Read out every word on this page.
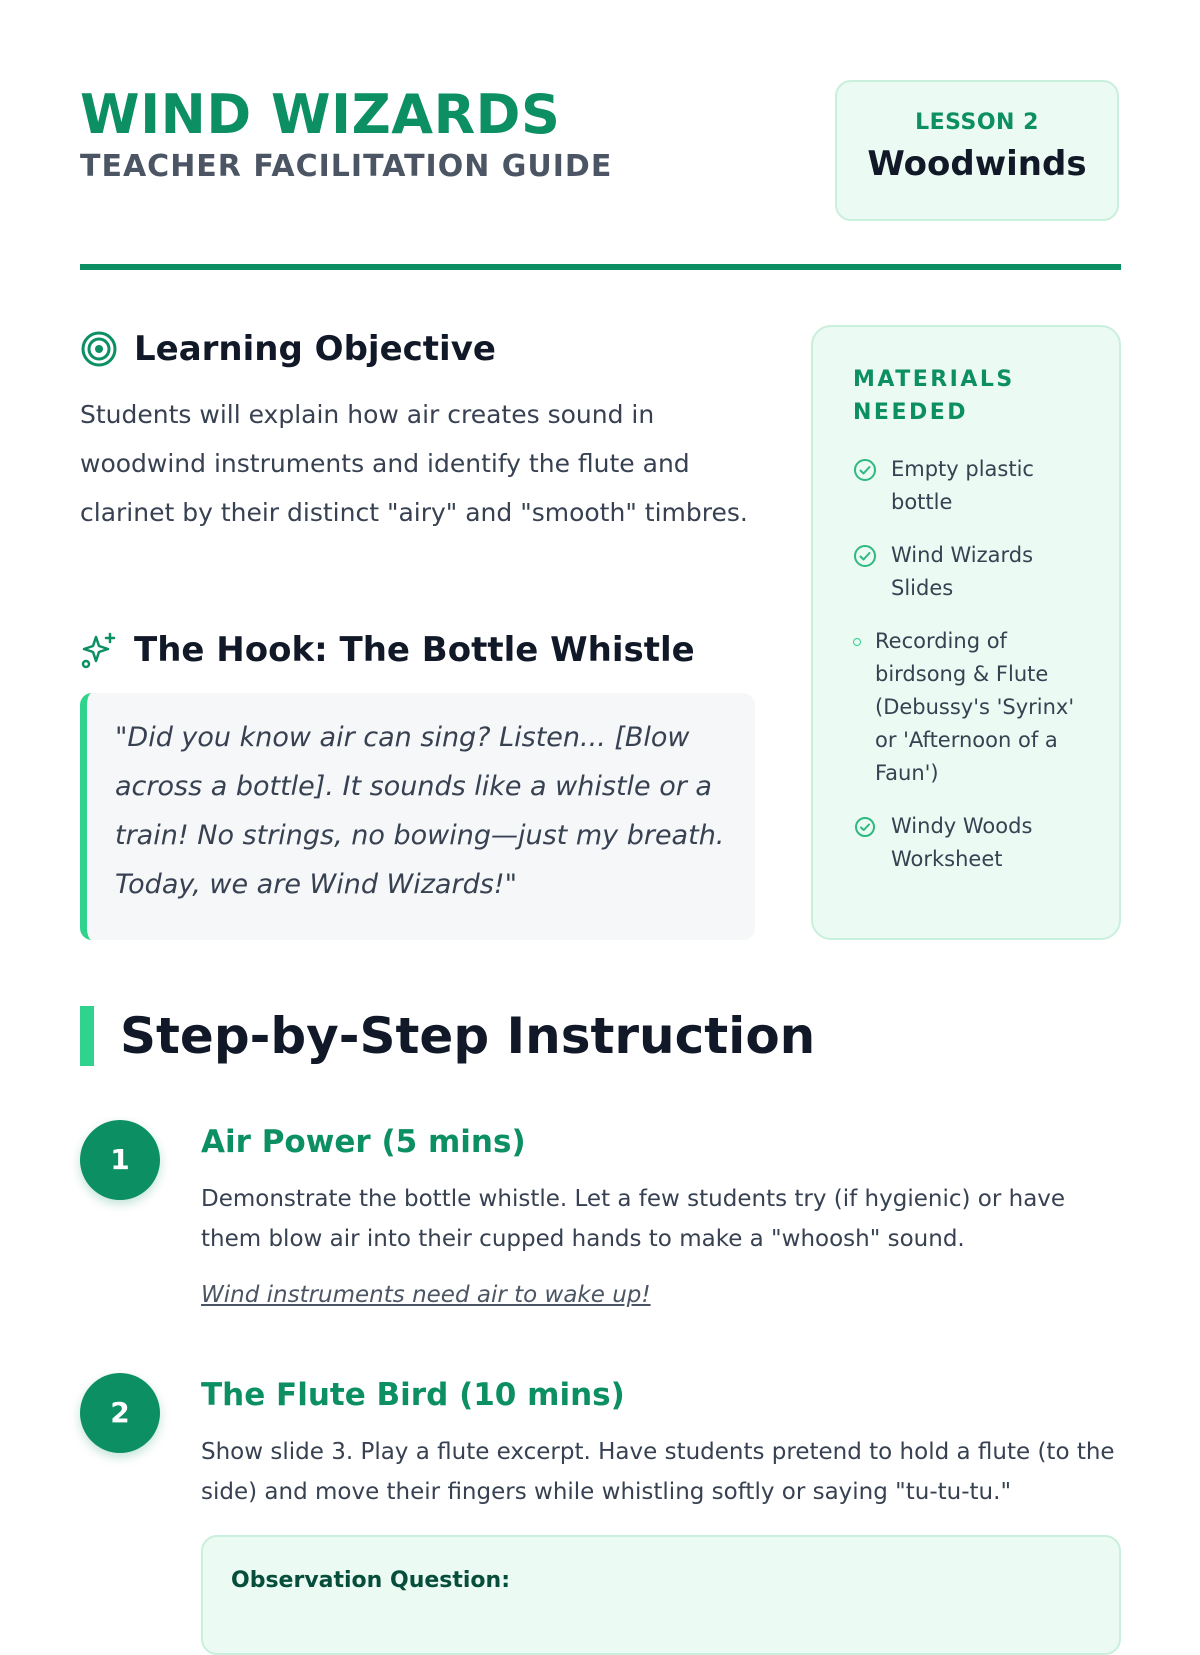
WIND WIZARDS
TEACHER FACILITATION GUIDE
LESSON 2
Woodwinds
Learning Objective
Students will explain how air creates sound in woodwind instruments and identify the flute and clarinet by their distinct "airy" and "smooth" timbres.
The Hook: The Bottle Whistle
"Did you know air can sing? Listen... [Blow across a bottle]. It sounds like a whistle or a train! No strings, no bowing—just my breath. Today, we are Wind Wizards!"
MATERIALS NEEDED
Empty plastic bottle
Wind Wizards Slides
Recording of birdsong & Flute (Debussy's 'Syrinx' or 'Afternoon of a Faun')
Windy Woods Worksheet
Step-by-Step Instruction
1	Air Power (5 mins)
Demonstrate the bottle whistle. Let a few students try (if hygienic) or have them blow air into their cupped hands to make a "whoosh" sound.
Wind instruments need air to wake up!
2	The Flute Bird (10 mins)
Show slide 3. Play a flute excerpt. Have students pretend to hold a flute (to the side) and move their fingers while whistling softly or saying "tu-tu-tu."
Observation Question:
